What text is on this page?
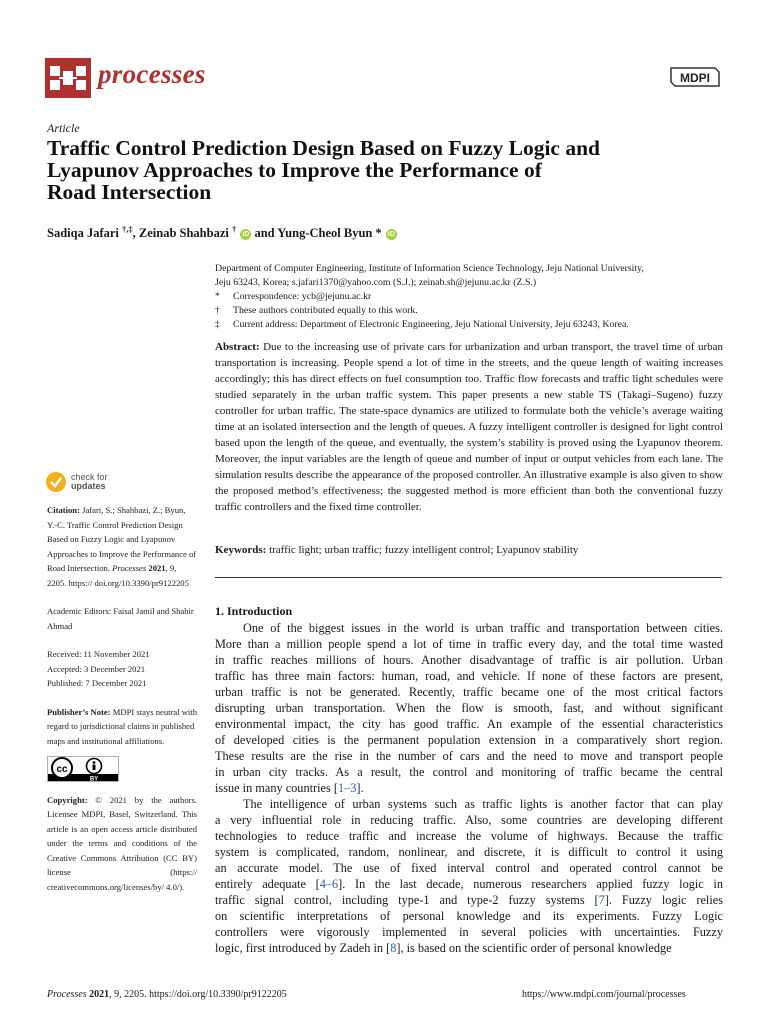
processes	MDPI
Article
Traffic Control Prediction Design Based on Fuzzy Logic and
Lyapunov Approaches to Improve the Performance of
Road Intersection
Sadiqa Jafari †,‡, Zeinab Shahbazi † iD and Yung-Cheol Byun * iD
Department of Computer Engineering, Institute of Information Science Technology, Jeju National University,
Jeju 63243, Korea; s.jafari1370@yahoo.com (S.J.); zeinab.sh@jejunu.ac.kr (Z.S.)
*	Correspondence: ycb@jejunu.ac.kr
†	These authors contributed equally to this work.
‡	Current address: Department of Electronic Engineering, Jeju National University, Jeju 63243, Korea.
Abstract: Due to the increasing use of private cars for urbanization and urban transport, the travel time of urban transportation is increasing. People spend a lot of time in the streets, and the queue length of waiting increases accordingly; this has direct effects on fuel consumption too. Traffic flow forecasts and traffic light schedules were studied separately in the urban traffic system. This paper presents a new stable TS (Takagi–Sugeno) fuzzy controller for urban traffic. The state-space dynamics are utilized to formulate both the vehicle’s average waiting time at an isolated intersection and the length of queues. A fuzzy intelligent controller is designed for light control based upon the length of the queue, and eventually, the system’s stability is proved using the Lyapunov theorem. Moreover, the input variables are the length of queue and number of input or output vehicles from each lane. The simulation results describe the appearance of the proposed controller. An illustrative example is also given to show the proposed method’s effectiveness; the suggested method is more efficient than both the conventional fuzzy traffic controllers and the fixed time controller.
Keywords: traffic light; urban traffic; fuzzy intelligent control; Lyapunov stability
check for
updates

Citation: Jafari, S.; Shahbazi, Z.; Byun, Y.-C. Traffic Control Prediction Design Based on Fuzzy Logic and Lyapunov Approaches to Improve the Performance of Road Intersection. Processes 2021, 9, 2205. https:// doi.org/10.3390/pr9122205

Academic Editors: Faisal Jamil and Shabir Ahmad

Received: 11 November 2021

Accepted: 3 December 2021

Published: 7 December 2021

Publisher’s Note: MDPI stays neutral with regard to jurisdictional claims in published maps and institutional affiliations.

cc
BY

Copyright: © 2021 by the authors. Licensee MDPI, Basel, Switzerland. This article is an open access article distributed under the terms and conditions of the Creative Commons Attribution (CC BY) license (https:// creativecommons.org/licenses/by/ 4.0/).

1. Introduction
One of the biggest issues in the world is urban traffic and transportation between cities.
More than a million people spend a lot of time in traffic every day, and the total time wasted
in traffic reaches millions of hours. Another disadvantage of traffic is air pollution. Urban
traffic has three main factors: human, road, and vehicle. If none of these factors are present,
urban traffic is not be generated. Recently, traffic became one of the most critical factors
disrupting urban transportation. When the flow is smooth, fast, and without significant
environmental impact, the city has good traffic. An example of the essential characteristics
of developed cities is the permanent population extension in a comparatively short region.
These results are the rise in the number of cars and the need to move and transport people
in urban city tracks. As a result, the control and monitoring of traffic became the central
issue in many countries [1–3].
The intelligence of urban systems such as traffic lights is another factor that can play
a very influential role in reducing traffic. Also, some countries are developing different
technologies to reduce traffic and increase the volume of highways. Because the traffic
system is complicated, random, nonlinear, and discrete, it is difficult to control it using
an accurate model. The use of fixed interval control and operated control cannot be
entirely adequate [4–6]. In the last decade, numerous researchers applied fuzzy logic in
traffic signal control, including type-1 and type-2 fuzzy systems [7]. Fuzzy logic relies
on scientific interpretations of personal knowledge and its experiments. Fuzzy Logic
controllers were vigorously implemented in several policies with uncertainties. Fuzzy
logic, first introduced by Zadeh in [8], is based on the scientific order of personal knowledge
Processes 2021, 9, 2205. https://doi.org/10.3390/pr9122205	https://www.mdpi.com/journal/processes
